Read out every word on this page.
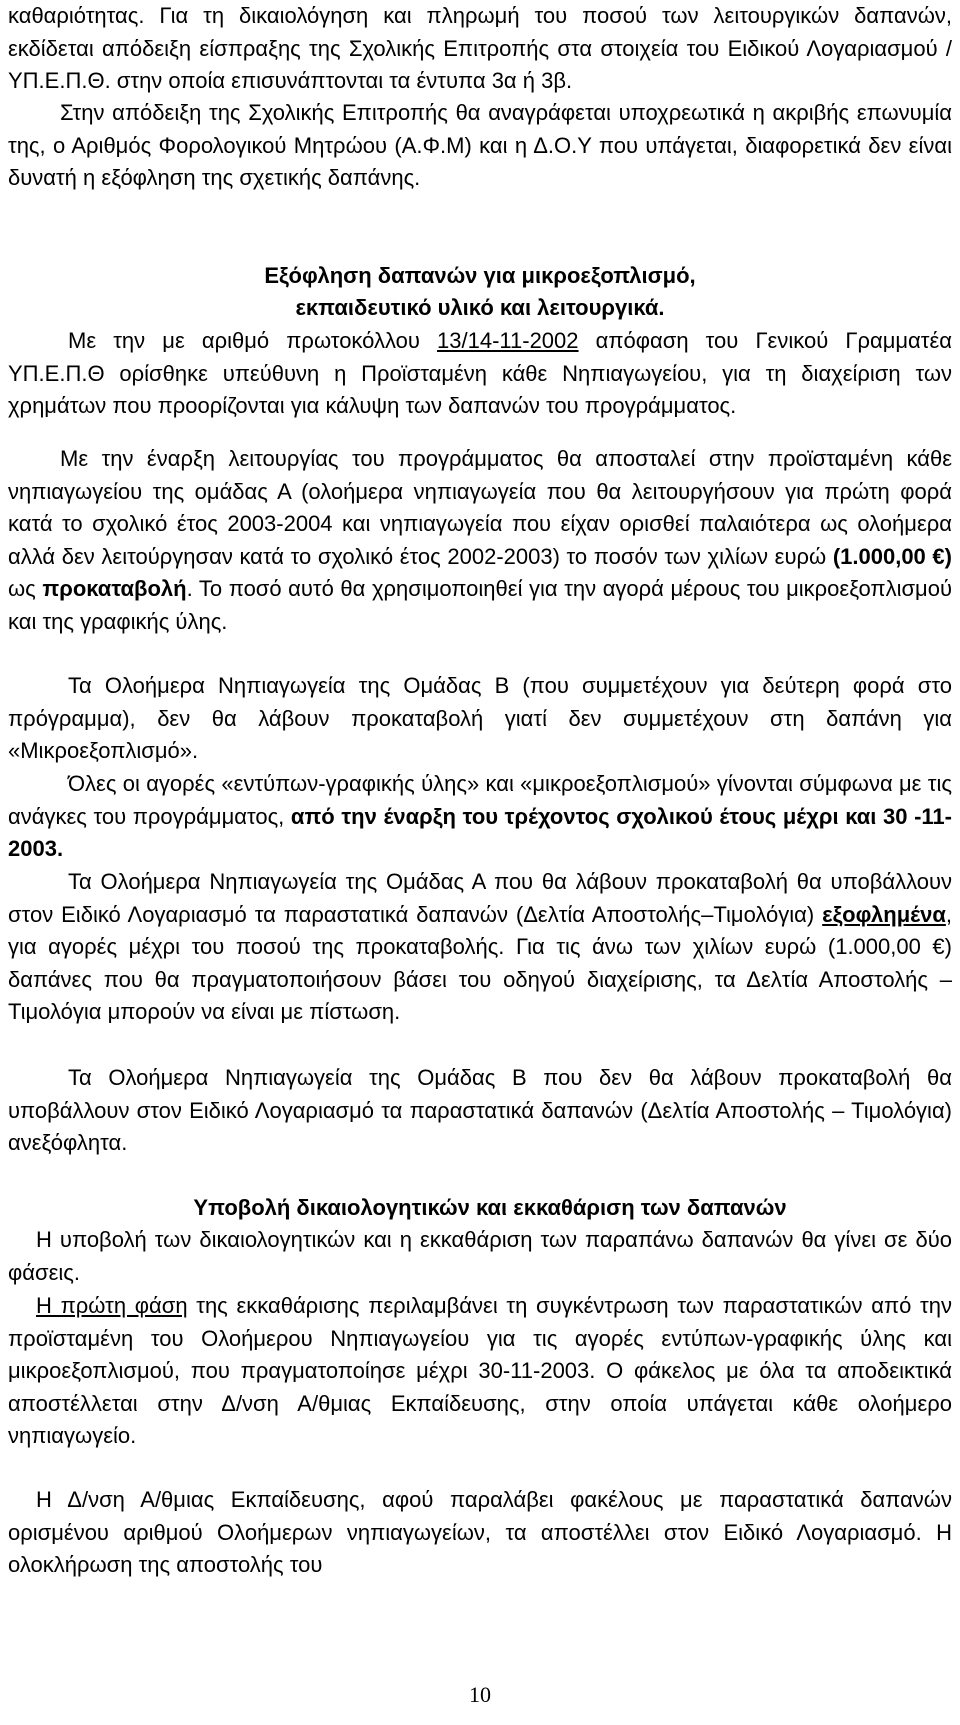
καθαριότητας. Για τη δικαιολόγηση και πληρωμή του ποσού των λειτουργικών δαπανών, εκδίδεται απόδειξη είσπραξης της Σχολικής Επιτροπής στα στοιχεία του Ειδικού Λογαριασμού / ΥΠ.Ε.Π.Θ. στην οποία επισυνάπτονται τα έντυπα 3α ή 3β.

Στην απόδειξη της Σχολικής Επιτροπής θα αναγράφεται υποχρεωτικά η ακριβής επωνυμία της, ο Αριθμός Φορολογικού Μητρώου (Α.Φ.Μ) και η Δ.Ο.Υ που υπάγεται, διαφορετικά δεν είναι δυνατή η εξόφληση της σχετικής δαπάνης.

Εξόφληση δαπανών για μικροεξοπλισμό,
εκπαιδευτικό υλικό και λειτουργικά.

Με την με αριθμό πρωτοκόλλου 13/14-11-2002 απόφαση του Γενικού Γραμματέα ΥΠ.Ε.Π.Θ ορίσθηκε υπεύθυνη η Προϊσταμένη κάθε Νηπιαγωγείου, για τη διαχείριση των χρημάτων που προορίζονται για κάλυψη των δαπανών του προγράμματος.

Με την έναρξη λειτουργίας του προγράμματος θα αποσταλεί στην προϊσταμένη κάθε νηπιαγωγείου της ομάδας Α (ολοήμερα νηπιαγωγεία που θα λειτουργήσουν για πρώτη φορά κατά το σχολικό έτος 2003-2004 και νηπιαγωγεία που είχαν ορισθεί παλαιότερα ως ολοήμερα αλλά δεν λειτούργησαν κατά το σχολικό έτος 2002-2003) το ποσόν των χιλίων ευρώ (1.000,00 €) ως προκαταβολή. Το ποσό αυτό θα χρησιμοποιηθεί για την αγορά μέρους του μικροεξοπλισμού και της γραφικής ύλης.

Τα Ολοήμερα Νηπιαγωγεία της Ομάδας Β (που συμμετέχουν για δεύτερη φορά στο πρόγραμμα), δεν θα λάβουν προκαταβολή γιατί δεν συμμετέχουν στη δαπάνη για «Μικροεξοπλισμό».

Όλες οι αγορές «εντύπων-γραφικής ύλης» και «μικροεξοπλισμού» γίνονται σύμφωνα με τις ανάγκες του προγράμματος, από την έναρξη του τρέχοντος σχολικού έτους μέχρι και 30 -11- 2003.

Τα Ολοήμερα Νηπιαγωγεία της Ομάδας Α που θα λάβουν προκαταβολή θα υποβάλλουν στον Ειδικό Λογαριασμό τα παραστατικά δαπανών (Δελτία Αποστολής–Τιμολόγια) εξοφλημένα, για αγορές μέχρι του ποσού της προκαταβολής. Για τις άνω των χιλίων ευρώ (1.000,00 €) δαπάνες που θα πραγματοποιήσουν βάσει του οδηγού διαχείρισης, τα Δελτία Αποστολής – Τιμολόγια μπορούν να είναι με πίστωση.

Τα Ολοήμερα Νηπιαγωγεία της Ομάδας Β που δεν θα λάβουν προκαταβολή θα υποβάλλουν στον Ειδικό Λογαριασμό τα παραστατικά δαπανών (Δελτία Αποστολής – Τιμολόγια) ανεξόφλητα.

Υποβολή δικαιολογητικών και εκκαθάριση των δαπανών

Η υποβολή των δικαιολογητικών και η εκκαθάριση των παραπάνω δαπανών θα γίνει σε δύο φάσεις.

Η πρώτη φάση της εκκαθάρισης περιλαμβάνει τη συγκέντρωση των παραστατικών από την προϊσταμένη του Ολοήμερου Νηπιαγωγείου για τις αγορές εντύπων-γραφικής ύλης και μικροεξοπλισμού, που πραγματοποίησε μέχρι 30-11-2003. Ο φάκελος με όλα τα αποδεικτικά αποστέλλεται στην Δ/νση Α/θμιας Εκπαίδευσης, στην οποία υπάγεται κάθε ολοήμερο νηπιαγωγείο.

Η Δ/νση Α/θμιας Εκπαίδευσης, αφού παραλάβει φακέλους με παραστατικά δαπανών ορισμένου αριθμού Ολοήμερων νηπιαγωγείων, τα αποστέλλει στον Ειδικό Λογαριασμό. Η ολοκλήρωση της αποστολής του

10
